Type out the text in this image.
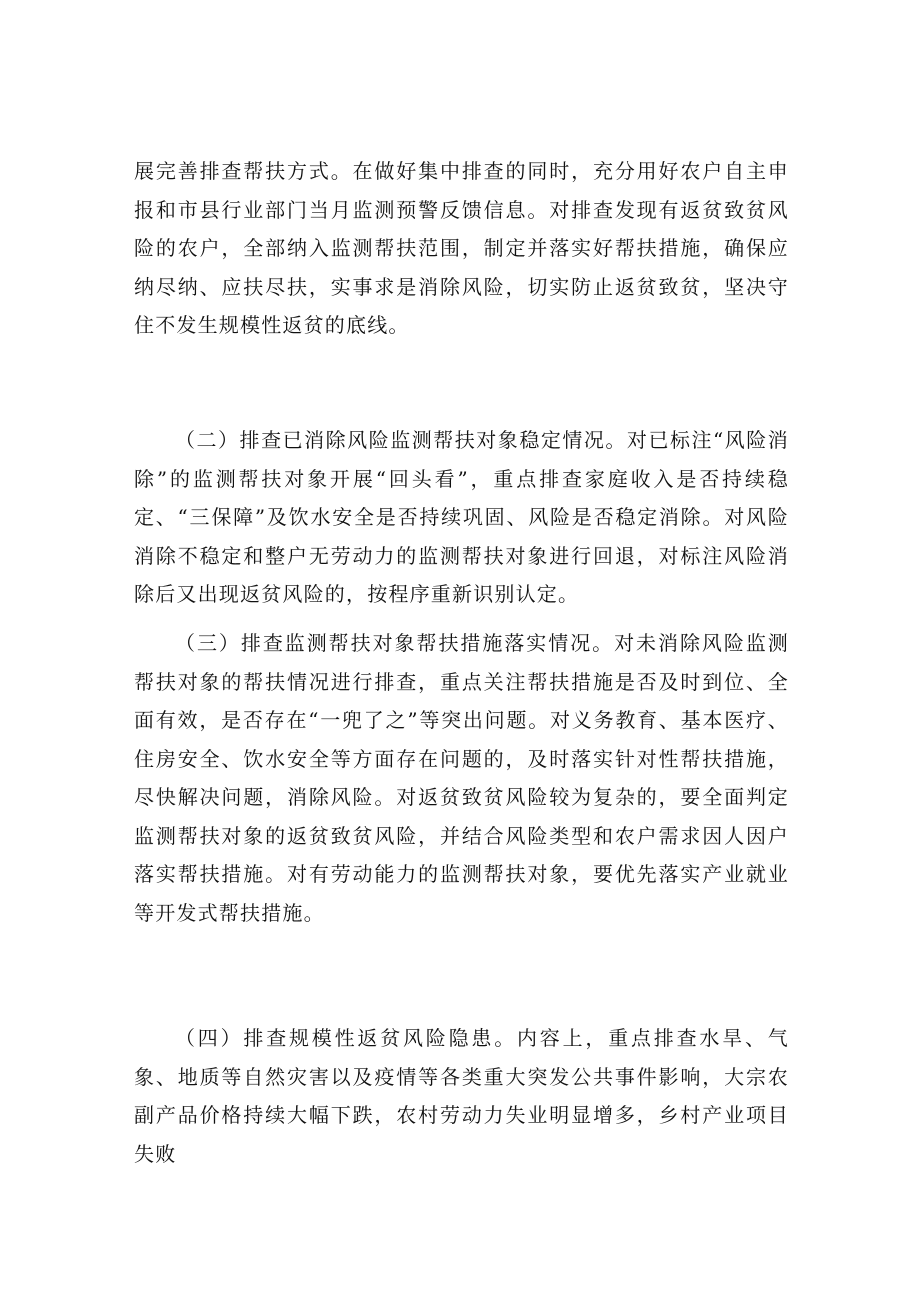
展完善排查帮扶方式。在做好集中排查的同时，充分用好农户自主申报和市县行业部门当月监测预警反馈信息。对排查发现有返贫致贫风险的农户，全部纳入监测帮扶范围，制定并落实好帮扶措施，确保应纳尽纳、应扶尽扶，实事求是消除风险，切实防止返贫致贫，坚决守住不发生规模性返贫的底线。

（二）排查已消除风险监测帮扶对象稳定情况。对已标注“风险消除”的监测帮扶对象开展“回头看”，重点排查家庭收入是否持续稳定、“三保障”及饮水安全是否持续巩固、风险是否稳定消除。对风险消除不稳定和整户无劳动力的监测帮扶对象进行回退，对标注风险消除后又出现返贫风险的，按程序重新识别认定。

（三）排查监测帮扶对象帮扶措施落实情况。对未消除风险监测帮扶对象的帮扶情况进行排查，重点关注帮扶措施是否及时到位、全面有效，是否存在“一兜了之”等突出问题。对义务教育、基本医疗、住房安全、饮水安全等方面存在问题的，及时落实针对性帮扶措施，尽快解决问题，消除风险。对返贫致贫风险较为复杂的，要全面判定监测帮扶对象的返贫致贫风险，并结合风险类型和农户需求因人因户落实帮扶措施。对有劳动能力的监测帮扶对象，要优先落实产业就业等开发式帮扶措施。

（四）排查规模性返贫风险隐患。内容上，重点排查水旱、气象、地质等自然灾害以及疫情等各类重大突发公共事件影响，大宗农副产品价格持续大幅下跌，农村劳动力失业明显增多，乡村产业项目失败
